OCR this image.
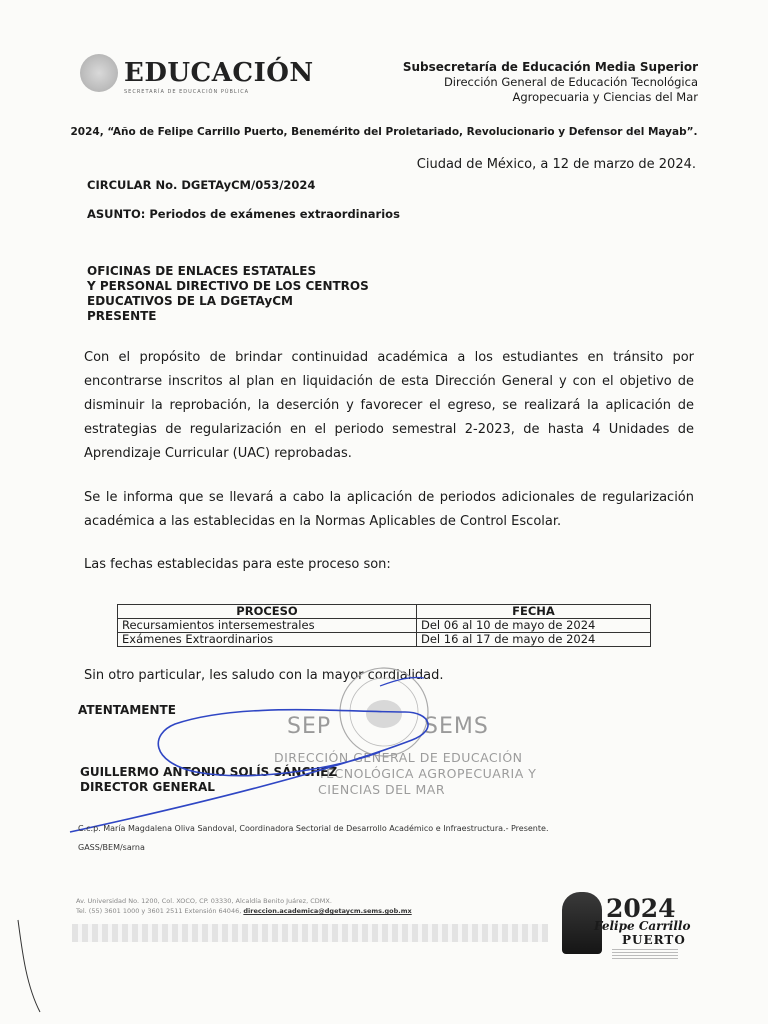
EDUCACIÓN
SECRETARÍA DE EDUCACIÓN PÚBLICA
Subsecretaría de Educación Media Superior
Dirección General de Educación Tecnológica
Agropecuaria y Ciencias del Mar
2024, “Año de Felipe Carrillo Puerto, Benemérito del Proletariado, Revolucionario y Defensor del Mayab”.
Ciudad de México, a 12 de marzo de 2024.
CIRCULAR No. DGETAyCM/053/2024
ASUNTO: Periodos de exámenes extraordinarios
OFICINAS DE ENLACES ESTATALES
Y PERSONAL DIRECTIVO DE LOS CENTROS
EDUCATIVOS DE LA DGETAyCM
PRESENTE
Con el propósito de brindar continuidad académica a los estudiantes en tránsito por encontrarse inscritos al plan en liquidación de esta Dirección General y con el objetivo de disminuir la reprobación, la deserción y favorecer el egreso, se realizará la aplicación de estrategias de regularización en el periodo semestral 2-2023, de hasta 4 Unidades de Aprendizaje Curricular (UAC) reprobadas.
Se le informa que se llevará a cabo la aplicación de periodos adicionales de regularización académica a las establecidas en la Normas Aplicables de Control Escolar.
Las fechas establecidas para este proceso son:
PROCESO	FECHA
Recursamientos intersemestrales	Del 06 al 10 de mayo de 2024
Exámenes Extraordinarios	Del 16 al 17 de mayo de 2024
Sin otro particular, les saludo con la mayor cordialidad.
ATENTAMENTE
SEP	SEMS
DIRECCIÓN GENERAL DE EDUCACIÓN
TECNOLÓGICA AGROPECUARIA Y
CIENCIAS DEL MAR
GUILLERMO ANTONIO SOLÍS SÁNCHEZ
DIRECTOR GENERAL
C.c.p. María Magdalena Oliva Sandoval, Coordinadora Sectorial de Desarrollo Académico e Infraestructura.- Presente.
GASS/BEM/sarna
Av. Universidad No. 1200, Col. XOCO, CP. 03330, Alcaldía Benito Juárez, CDMX.
Tel. (55) 3601 1000 y 3601 2511 Extensión 64046, direccion.academica@dgetaycm.sems.gob.mx	2024
Felipe Carrillo
PUERTO
